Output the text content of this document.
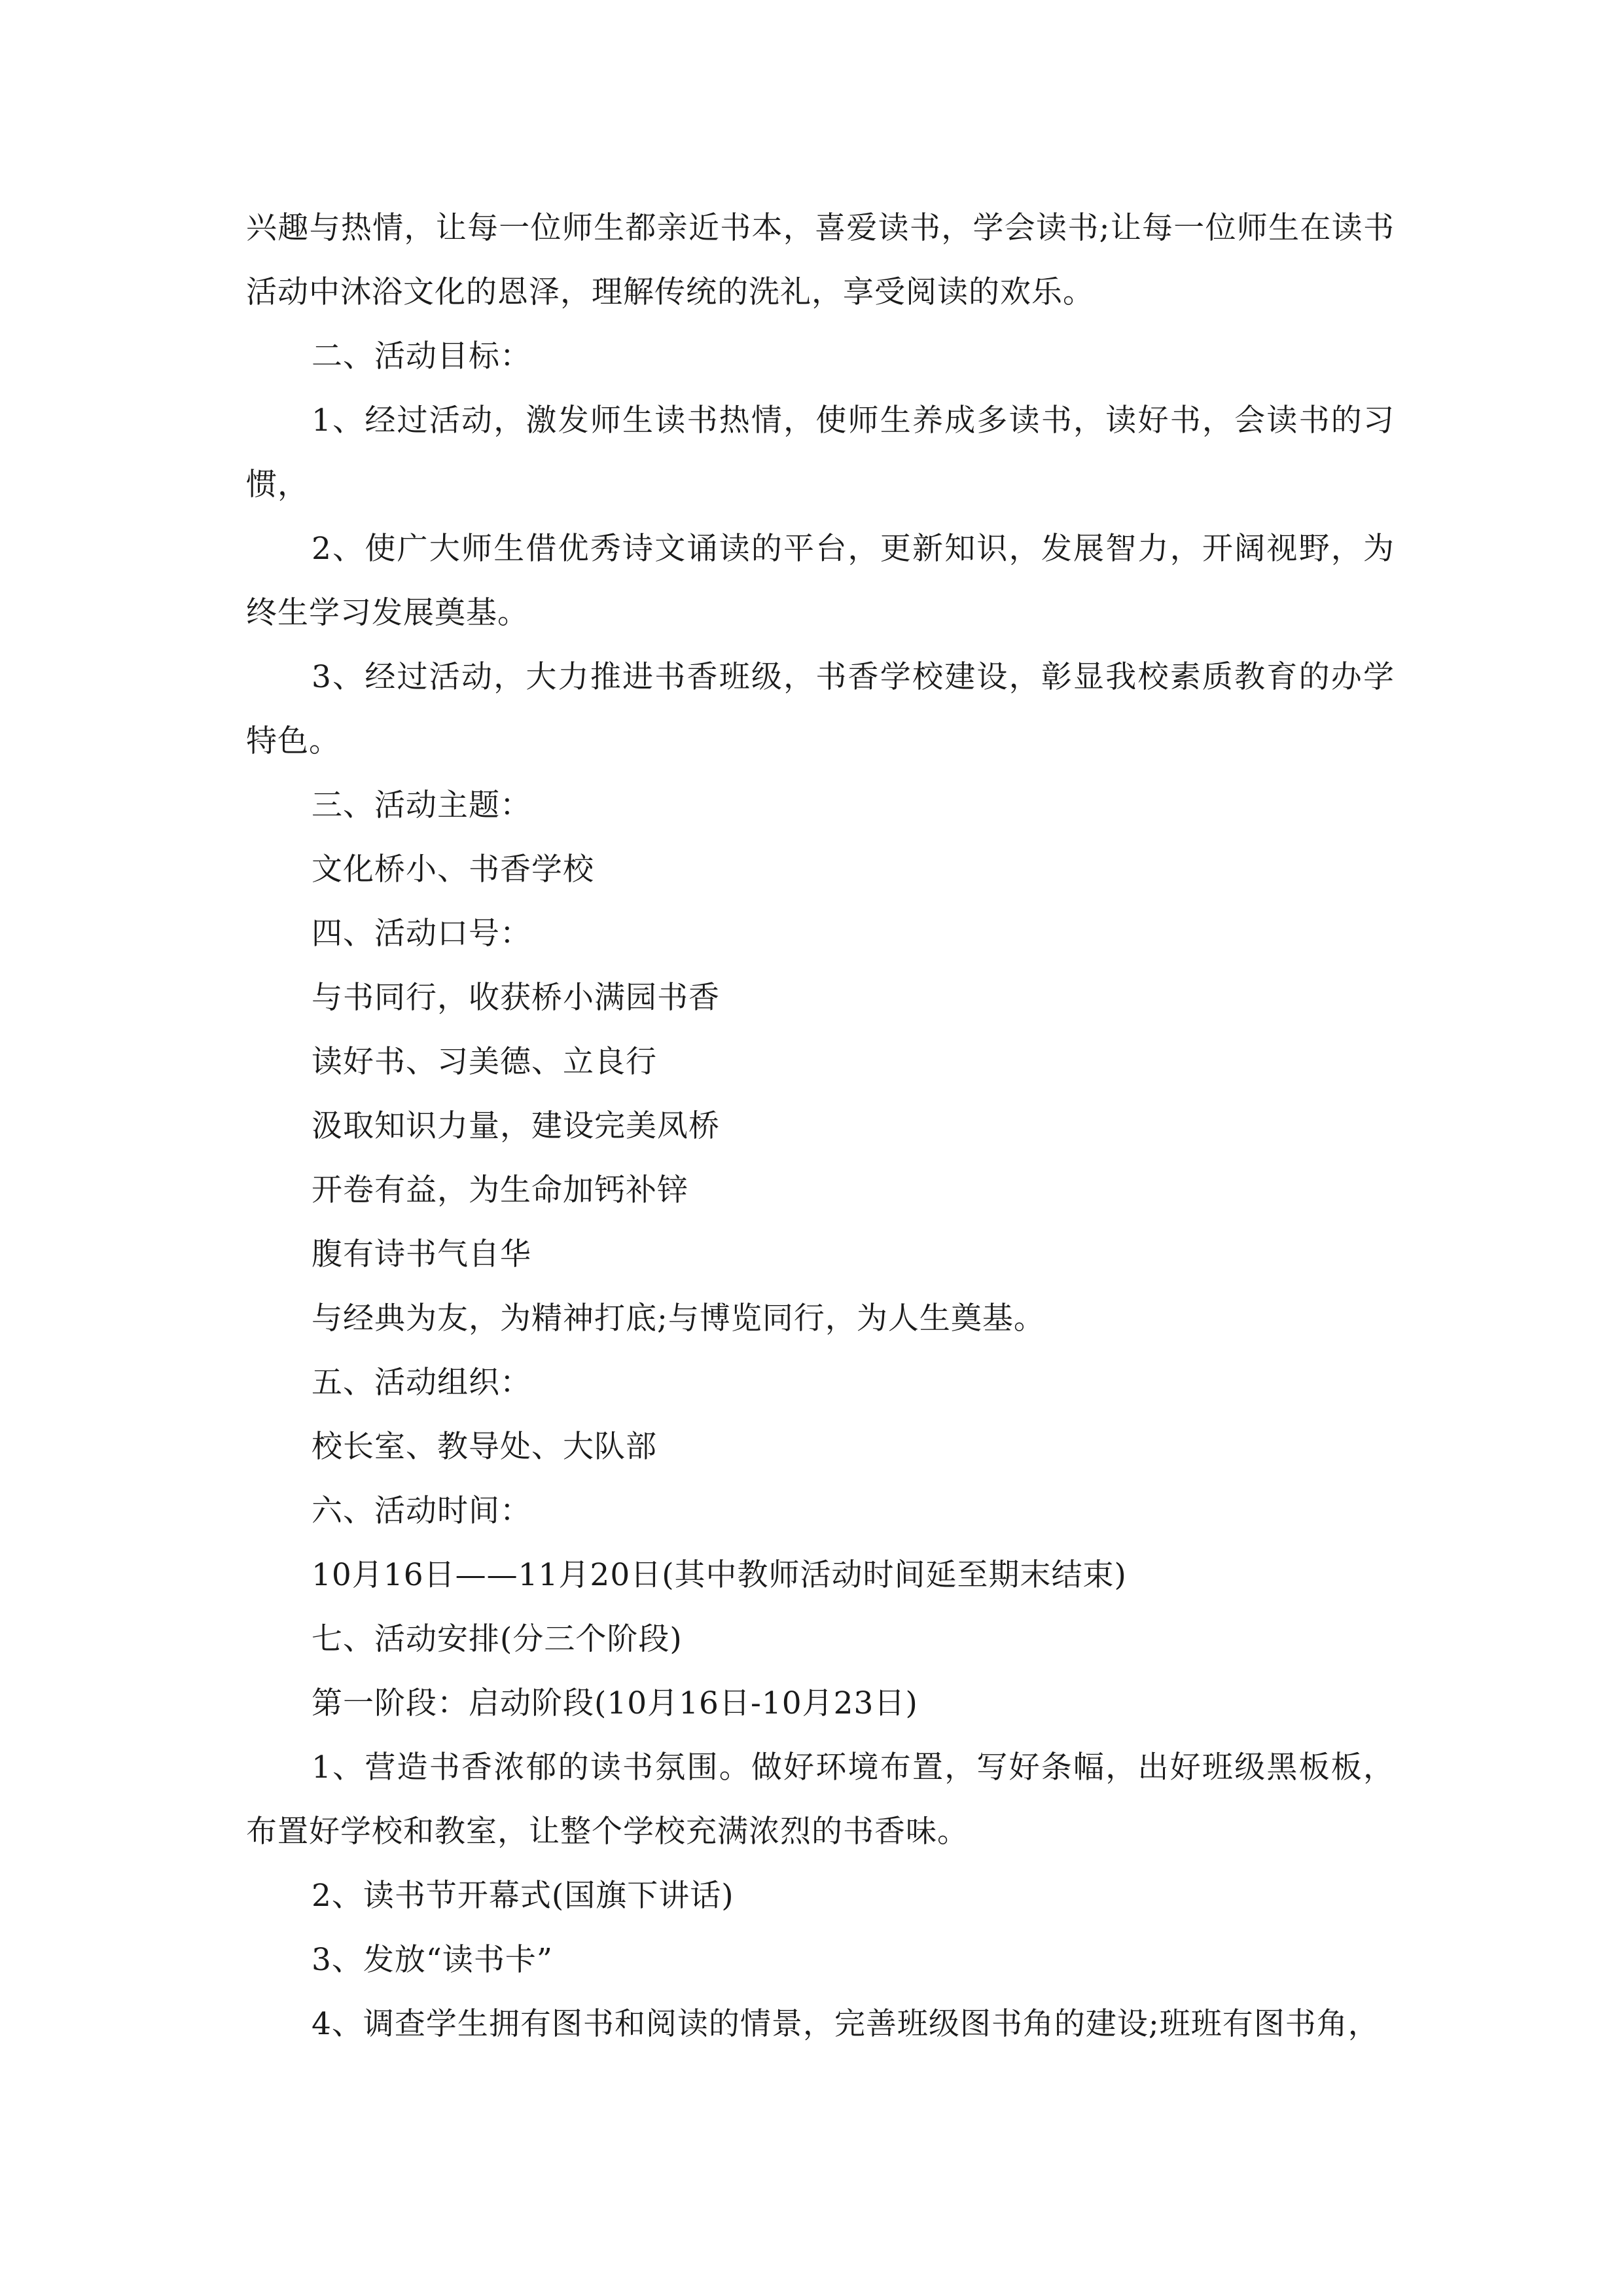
兴趣与热情，让每一位师生都亲近书本，喜爱读书，学会读书;让每一位师生在读书活动中沐浴文化的恩泽，理解传统的洗礼，享受阅读的欢乐。

二、活动目标：

1、经过活动，激发师生读书热情，使师生养成多读书，读好书，会读书的习惯，

2、使广大师生借优秀诗文诵读的平台，更新知识，发展智力，开阔视野，为终生学习发展奠基。

3、经过活动，大力推进书香班级，书香学校建设，彰显我校素质教育的办学特色。

三、活动主题：

文化桥小、书香学校

四、活动口号：

与书同行，收获桥小满园书香

读好书、习美德、立良行

汲取知识力量，建设完美凤桥

开卷有益，为生命加钙补锌

腹有诗书气自华

与经典为友，为精神打底;与博览同行，为人生奠基。

五、活动组织：

校长室、教导处、大队部

六、活动时间：

10月16日——11月20日(其中教师活动时间延至期末结束)

七、活动安排(分三个阶段)

第一阶段：启动阶段(10月16日-10月23日)

1、营造书香浓郁的读书氛围。做好环境布置，写好条幅，出好班级黑板板，布置好学校和教室，让整个学校充满浓烈的书香味。

2、读书节开幕式(国旗下讲话)

3、发放“读书卡”

4、调查学生拥有图书和阅读的情景，完善班级图书角的建设;班班有图书角，
